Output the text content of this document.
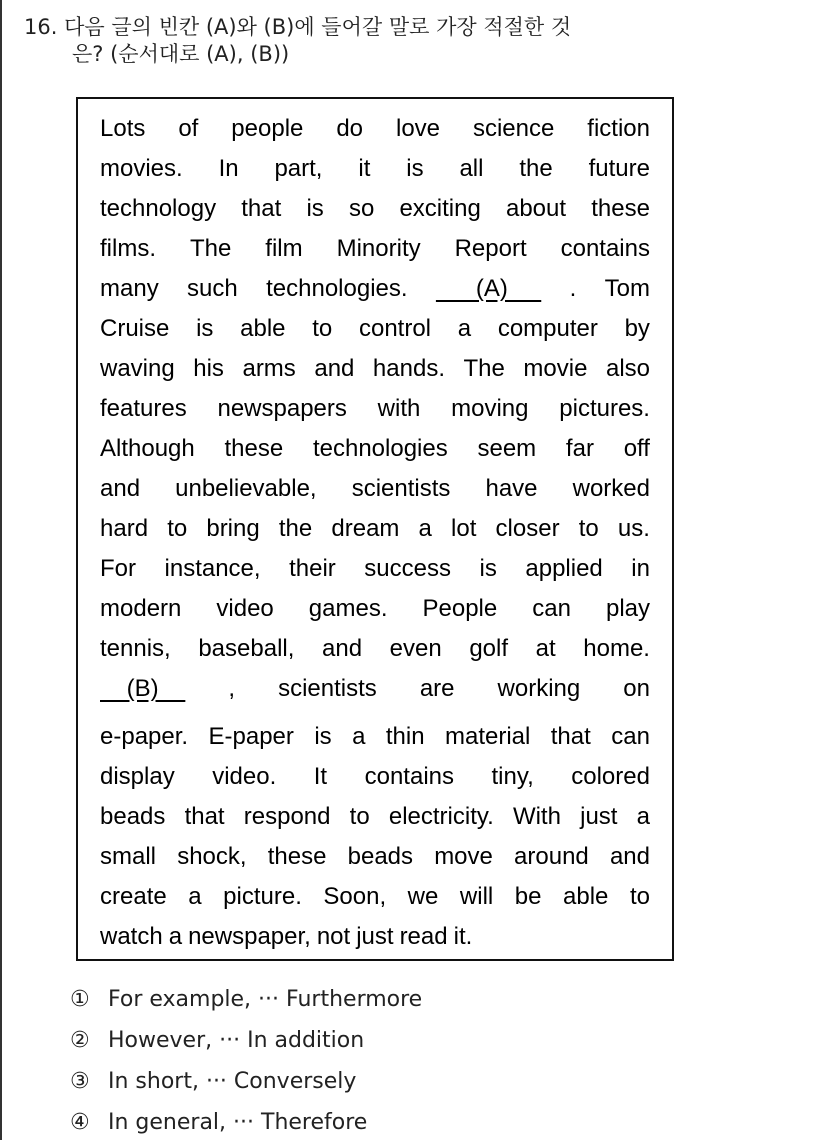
16. 다음 글의 빈칸 (A)와 (B)에 들어갈 말로 가장 적절한 것
은? (순서대로 (A), (B))
Lots of people do love science fiction
movies. In part, it is all the future
technology that is so exciting about these
films. The film Minority Report contains
many such technologies. (A) . Tom
Cruise is able to control a computer by
waving his arms and hands. The movie also
features newspapers with moving pictures.
Although these technologies seem far off
and unbelievable, scientists have worked
hard to bring the dream a lot closer to us.
For instance, their success is applied in
modern video games. People can play
tennis, baseball, and even golf at home.
(B) , scientists are working on
e-paper. E-paper is a thin material that can
display video. It contains tiny, colored
beads that respond to electricity. With just a
small shock, these beads move around and
create a picture. Soon, we will be able to
watch a newspaper, not just read it.
① For example, ··· Furthermore
② However, ··· In addition
③ In short, ··· Conversely
④ In general, ··· Therefore
